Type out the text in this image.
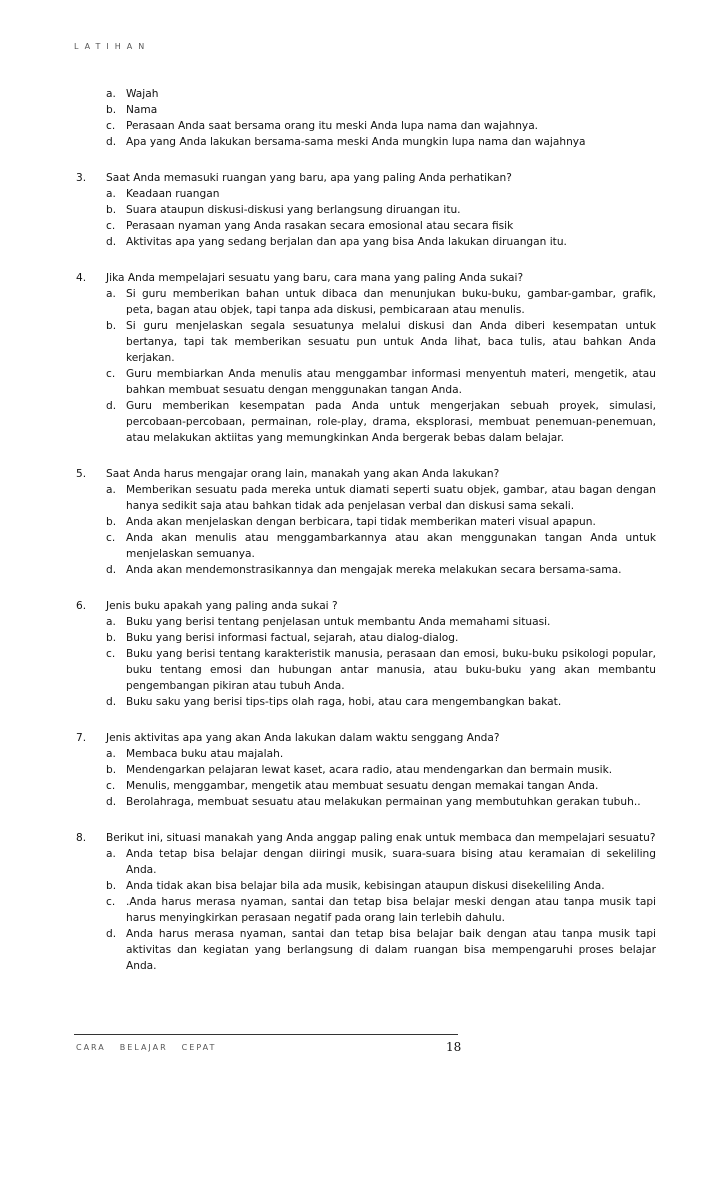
LATIHAN
a. Wajah
b. Nama
c.	Perasaan Anda saat bersama orang itu meski Anda lupa nama dan wajahnya.
d. Apa yang Anda lakukan bersama-sama meski Anda mungkin lupa nama dan wajahnya
3.	Saat Anda memasuki ruangan yang baru, apa yang paling Anda perhatikan?
a. Keadaan ruangan
b. Suara ataupun diskusi-diskusi yang berlangsung diruangan itu.
c.	Perasaan nyaman yang Anda rasakan secara emosional atau secara fisik
d. Aktivitas apa yang sedang berjalan dan apa yang bisa Anda lakukan diruangan itu.
4.	Jika Anda mempelajari sesuatu yang baru, cara mana yang paling Anda sukai?
a. Si guru memberikan bahan untuk dibaca dan menunjukan buku-buku, gambar-gambar, grafik, peta, bagan atau objek, tapi tanpa ada diskusi, pembicaraan atau menulis.
b. Si guru menjelaskan segala sesuatunya melalui diskusi dan Anda diberi kesempatan untuk bertanya, tapi tak memberikan sesuatu pun untuk Anda lihat, baca tulis, atau bahkan Anda kerjakan.
c.	Guru membiarkan Anda menulis atau menggambar informasi menyentuh materi, mengetik, atau bahkan membuat sesuatu dengan menggunakan tangan Anda.
d. Guru memberikan kesempatan pada Anda untuk mengerjakan sebuah proyek, simulasi, percobaan-percobaan, permainan, role-play, drama, eksplorasi, membuat penemuan-penemuan, atau melakukan aktiitas yang memungkinkan Anda bergerak bebas dalam belajar.
5.	Saat Anda harus mengajar orang lain, manakah yang akan Anda lakukan?
a. Memberikan sesuatu pada mereka untuk diamati seperti suatu objek, gambar, atau bagan dengan hanya sedikit saja atau bahkan tidak ada penjelasan verbal dan diskusi sama sekali.
b. Anda akan menjelaskan dengan berbicara, tapi tidak memberikan materi visual apapun.
c.	Anda akan menulis atau menggambarkannya atau akan menggunakan tangan Anda untuk menjelaskan semuanya.
d. Anda akan mendemonstrasikannya dan mengajak mereka melakukan secara bersama-sama.
6.	Jenis buku apakah yang paling anda sukai ?
a. Buku yang berisi tentang penjelasan untuk membantu Anda memahami situasi.
b. Buku yang berisi informasi factual, sejarah, atau dialog-dialog.
c.	Buku yang berisi tentang karakteristik manusia, perasaan dan emosi, buku-buku psikologi popular, buku tentang emosi dan hubungan antar manusia, atau buku-buku yang akan membantu pengembangan pikiran atau tubuh Anda.
d. Buku saku yang berisi tips-tips olah raga, hobi, atau cara mengembangkan bakat.
7.	Jenis aktivitas apa yang akan Anda lakukan dalam waktu senggang Anda?
a. Membaca buku atau majalah.
b. Mendengarkan pelajaran lewat kaset, acara radio, atau mendengarkan dan bermain musik.
c.	Menulis, menggambar, mengetik atau membuat sesuatu dengan memakai tangan Anda.
d. Berolahraga, membuat sesuatu atau melakukan permainan yang membutuhkan gerakan tubuh..
8.	Berikut ini, situasi manakah yang Anda anggap paling enak untuk membaca dan mempelajari sesuatu?
a. Anda tetap bisa belajar dengan diiringi musik, suara-suara bising atau keramaian di sekeliling Anda.
b. Anda tidak akan bisa belajar bila ada musik, kebisingan ataupun diskusi disekeliling Anda.
c.	.Anda harus merasa nyaman, santai dan tetap bisa belajar meski dengan atau tanpa musik tapi harus menyingkirkan perasaan negatif pada orang lain terlebih dahulu.
d. Anda harus merasa nyaman, santai dan tetap bisa belajar baik dengan atau tanpa musik tapi aktivitas dan kegiatan yang berlangsung di dalam ruangan bisa mempengaruhi proses belajar Anda.
CARA BELAJAR CEPAT	18
